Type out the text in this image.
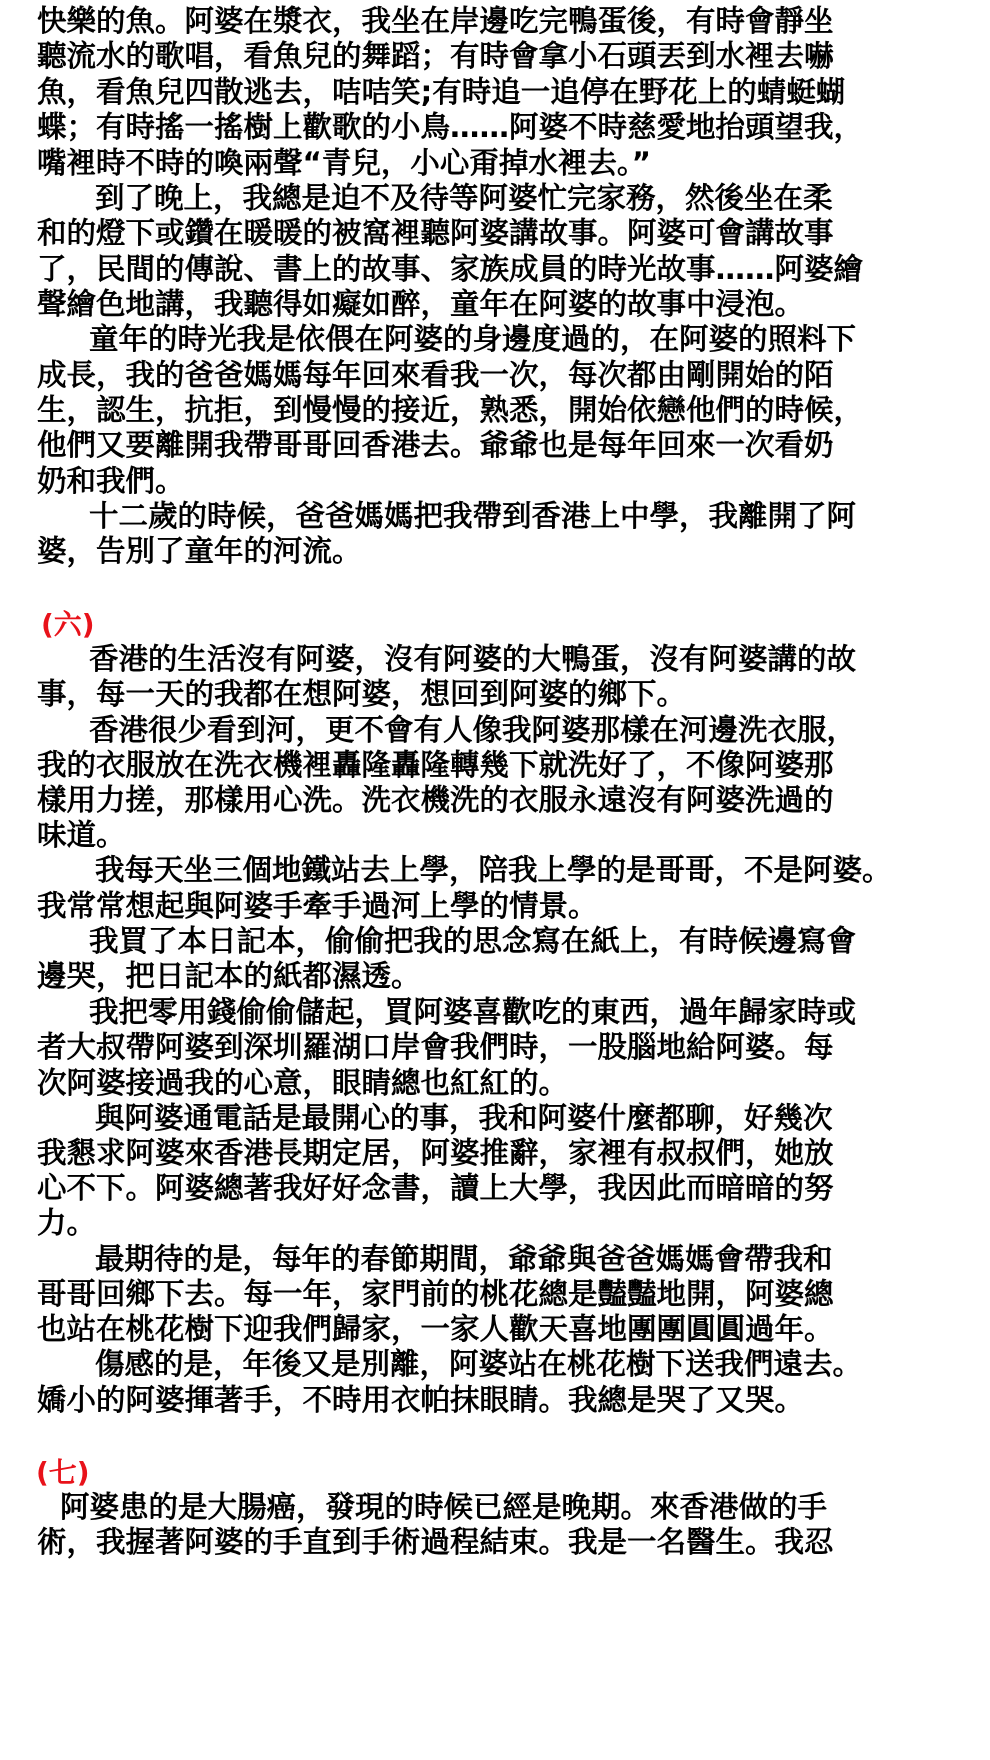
快樂的魚。阿婆在漿衣，我坐在岸邊吃完鴨蛋後，有時會靜坐
聽流水的歌唱，看魚兒的舞蹈；有時會拿小石頭丟到水裡去嚇
魚，看魚兒四散逃去，咭咭笑;有時追一追停在野花上的蜻蜓蝴
蝶；有時搖一搖樹上歡歌的小鳥……阿婆不時慈愛地抬頭望我，
嘴裡時不時的喚兩聲“青兒，小心甭掉水裡去。”
到了晚上，我總是迫不及待等阿婆忙完家務，然後坐在柔
和的燈下或鑽在暖暖的被窩裡聽阿婆講故事。阿婆可會講故事
了，民間的傳說、書上的故事、家族成員的時光故事……阿婆繪
聲繪色地講，我聽得如癡如醉，童年在阿婆的故事中浸泡。
童年的時光我是依偎在阿婆的身邊度過的，在阿婆的照料下
成長，我的爸爸媽媽每年回來看我一次，每次都由剛開始的陌
生，認生，抗拒，到慢慢的接近，熟悉，開始依戀他們的時候，
他們又要離開我帶哥哥回香港去。爺爺也是每年回來一次看奶
奶和我們。
十二歲的時候，爸爸媽媽把我帶到香港上中學，我離開了阿
婆，告別了童年的河流。
(六)
香港的生活沒有阿婆，沒有阿婆的大鴨蛋，沒有阿婆講的故
事，每一天的我都在想阿婆，想回到阿婆的鄉下。
香港很少看到河，更不會有人像我阿婆那樣在河邊洗衣服，
我的衣服放在洗衣機裡轟隆轟隆轉幾下就洗好了，不像阿婆那
樣用力搓，那樣用心洗。洗衣機洗的衣服永遠沒有阿婆洗過的
味道。
我每天坐三個地鐵站去上學，陪我上學的是哥哥，不是阿婆。
我常常想起與阿婆手牽手過河上學的情景。
我買了本日記本，偷偷把我的思念寫在紙上，有時候邊寫會
邊哭，把日記本的紙都濕透。
我把零用錢偷偷儲起，買阿婆喜歡吃的東西，過年歸家時或
者大叔帶阿婆到深圳羅湖口岸會我們時，一股腦地給阿婆。每
次阿婆接過我的心意，眼睛總也紅紅的。
與阿婆通電話是最開心的事，我和阿婆什麼都聊，好幾次
我懇求阿婆來香港長期定居，阿婆推辭，家裡有叔叔們，她放
心不下。阿婆總著我好好念書，讀上大學，我因此而暗暗的努
力。
最期待的是，每年的春節期間，爺爺與爸爸媽媽會帶我和
哥哥回鄉下去。每一年，家門前的桃花總是豔豔地開，阿婆總
也站在桃花樹下迎我們歸家，一家人歡天喜地團團圓圓過年。
傷感的是，年後又是別離，阿婆站在桃花樹下送我們遠去。
嬌小的阿婆揮著手，不時用衣帕抹眼睛。我總是哭了又哭。
(七)
阿婆患的是大腸癌，發現的時候已經是晚期。來香港做的手
術，我握著阿婆的手直到手術過程結束。我是一名醫生。我忍
